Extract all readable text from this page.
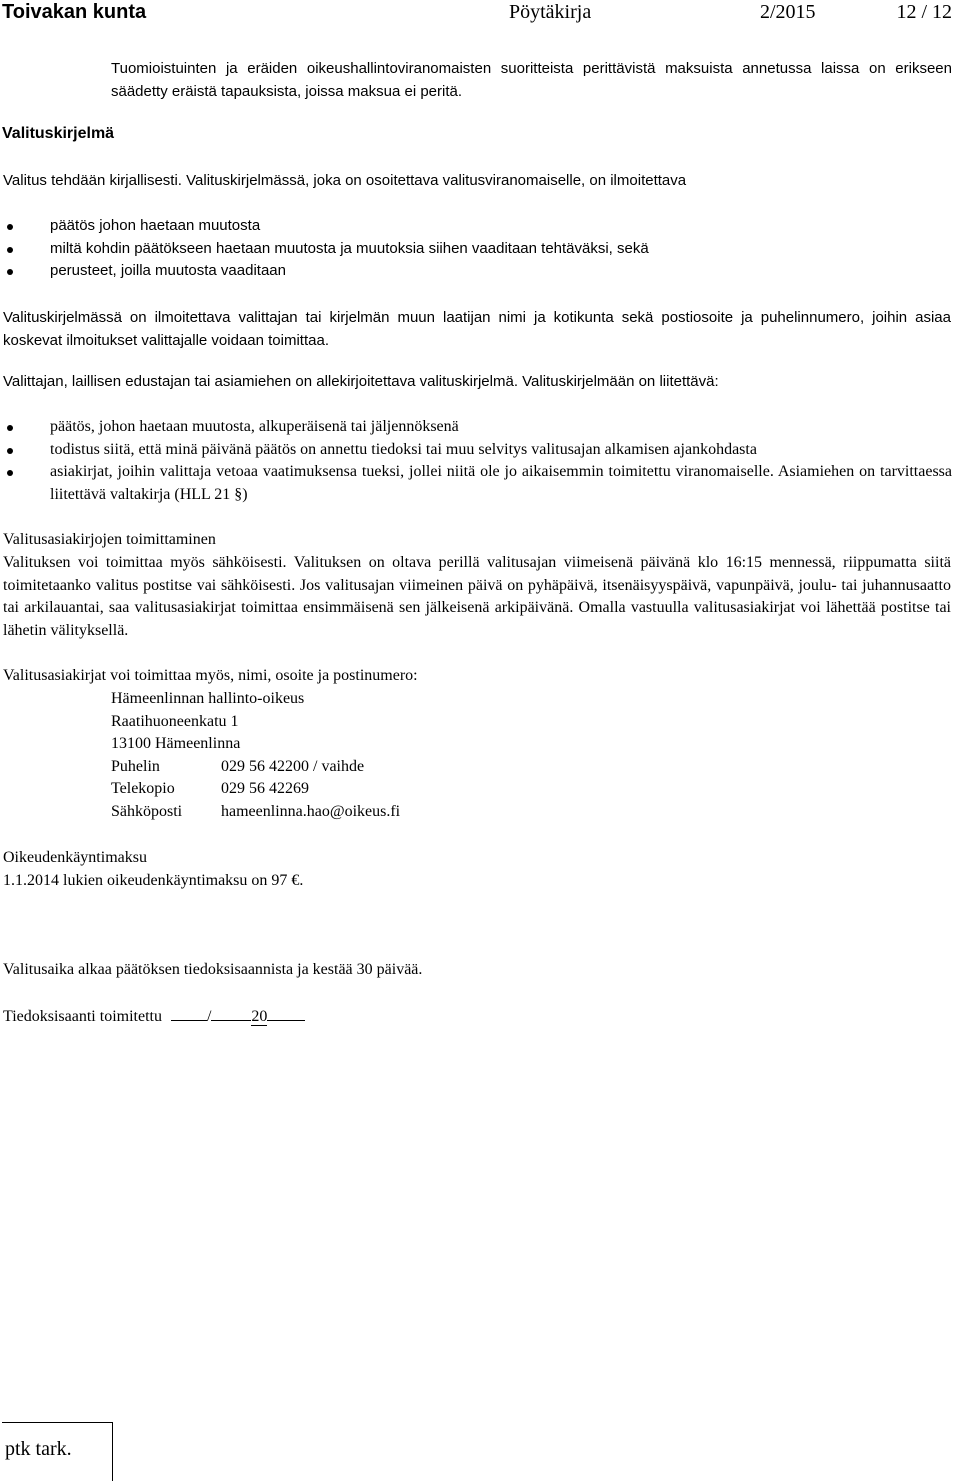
Toivakan kunta	Pöytäkirja	2/2015	12 / 12

Tuomioistuinten ja eräiden oikeushallintoviranomaisten suoritteista perittävistä maksuista annetussa laissa on erikseen säädetty eräistä tapauksista, joissa maksua ei peritä.

Valituskirjelmä

Valitus tehdään kirjallisesti. Valituskirjelmässä, joka on osoitettava valitusviranomaiselle, on ilmoitettava

päätös johon haetaan muutosta
miltä kohdin päätökseen haetaan muutosta ja muutoksia siihen vaaditaan tehtäväksi, sekä
perusteet, joilla muutosta vaaditaan

Valituskirjelmässä on ilmoitettava valittajan tai kirjelmän muun laatijan nimi ja kotikunta sekä postiosoite ja puhelinnumero, joihin asiaa koskevat ilmoitukset valittajalle voidaan toimittaa.

Valittajan, laillisen edustajan tai asiamiehen on allekirjoitettava valituskirjelmä. Valituskirjelmään on liitettävä:

päätös, johon haetaan muutosta, alkuperäisenä tai jäljennöksenä
todistus siitä, että minä päivänä päätös on annettu tiedoksi tai muu selvitys valitusajan alkamisen ajankohdasta
asiakirjat, joihin valittaja vetoaa vaatimuksensa tueksi, jollei niitä ole jo aikaisemmin toimitettu viranomaiselle. Asiamiehen on tarvittaessa liitettävä valtakirja (HLL 21 §)

Valitusasiakirjojen toimittaminen

Valituksen voi toimittaa myös sähköisesti. Valituksen on oltava perillä valitusajan viimeisenä päivänä klo 16:15 mennessä, riippumatta siitä toimitetaanko valitus postitse vai sähköisesti. Jos valitusajan viimeinen päivä on pyhäpäivä, itsenäisyyspäivä, vapunpäivä, joulu- tai juhannusaatto tai arkilauantai, saa valitusasiakirjat toimittaa ensimmäisenä sen jälkeisenä arkipäivänä. Omalla vastuulla valitusasiakirjat voi lähettää postitse tai lähetin välityksellä.

Valitusasiakirjat voi toimittaa myös, nimi, osoite ja postinumero:

Hämeenlinnan hallinto-oikeus
Raatihuoneenkatu 1
13100 Hämeenlinna
Puhelin	029 56 42200 / vaihde
Telekopio	029 56 42269
Sähköposti hameenlinna.hao@oikeus.fi

Oikeudenkäyntimaksu

1.1.2014 lukien oikeudenkäyntimaksu on 97 €.

Valitusaika alkaa päätöksen tiedoksisaannista ja kestää 30 päivää.

Tiedoksisaanti toimitettu	/	20

ptk tark.
